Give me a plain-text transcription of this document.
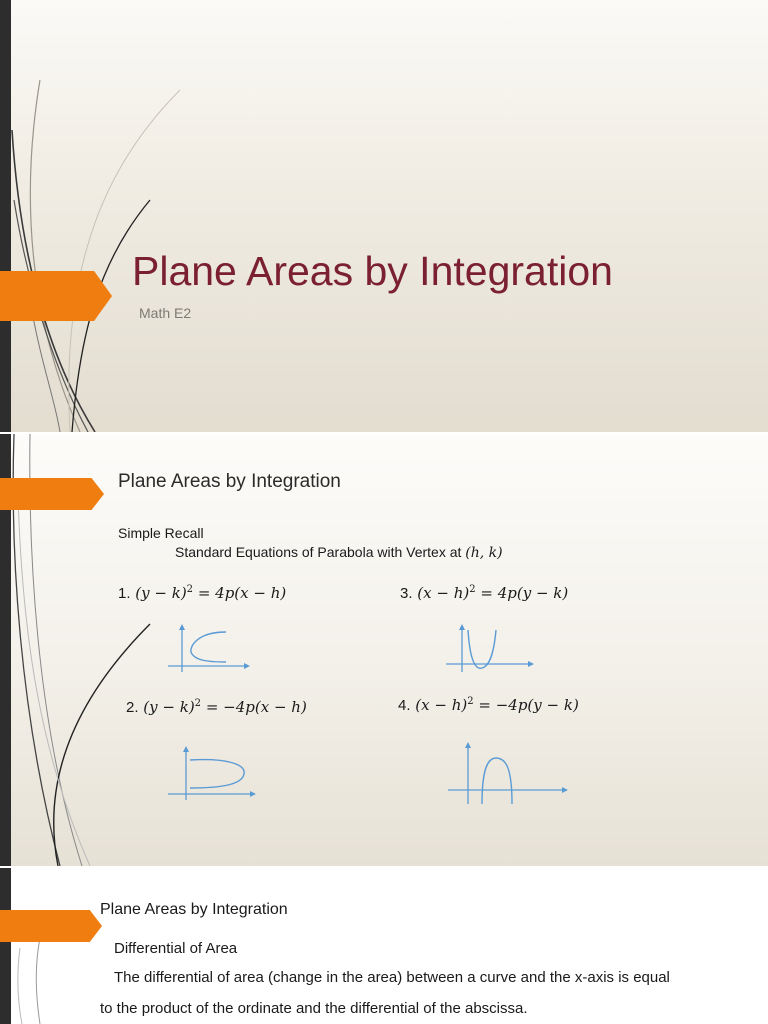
Plane Areas by Integration
Math E2
Plane Areas by Integration
Simple Recall
Standard Equations of Parabola with Vertex at (h, k)
1. $(y - k)^2 = 4p(x - h)$
2. $(y - k)^2 = -4p(x - h)$
3. $(x - h)^2 = 4p(y - k)$
4. $(x - h)^2 = -4p(y - k)$
Plane Areas by Integration
Differential of Area
The differential of area (change in the area) between a curve and the x-axis is equal
to the product of the ordinate and the differential of the abscissa.
